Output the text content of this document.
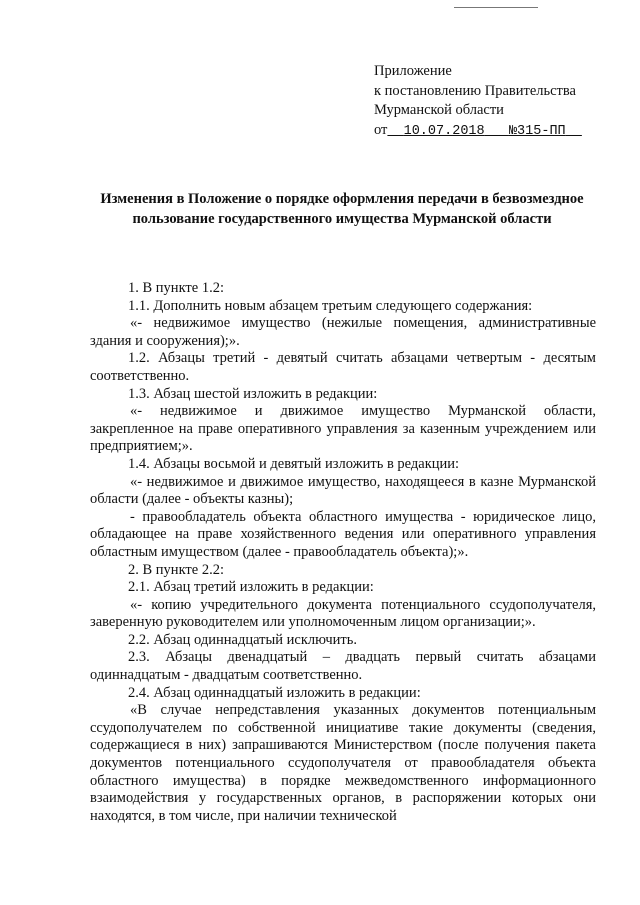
Приложение
к постановлению Правительства
Мурманской области
от 10.07.2018 №315-ПП
Изменения в Положение о порядке оформления передачи в безвозмездное пользование государственного имущества Мурманской области

1. В пункте 1.2:

1.1. Дополнить новым абзацем третьим следующего содержания:

«- недвижимое имущество (нежилые помещения, административные здания и сооружения);».

1.2. Абзацы третий - девятый считать абзацами четвертым - десятым соответственно.

1.3. Абзац шестой изложить в редакции:

«- недвижимое и движимое имущество Мурманской области, закрепленное на праве оперативного управления за казенным учреждением или предприятием;».

1.4. Абзацы восьмой и девятый изложить в редакции:

«- недвижимое и движимое имущество, находящееся в казне Мурманской области (далее - объекты казны);

- правообладатель объекта областного имущества - юридическое лицо, обладающее на праве хозяйственного ведения или оперативного управления областным имуществом (далее - правообладатель объекта);».

2. В пункте 2.2:

2.1. Абзац третий изложить в редакции:

«- копию учредительного документа потенциального ссудополучателя, заверенную руководителем или уполномоченным лицом организации;».

2.2. Абзац одиннадцатый исключить.

2.3. Абзацы двенадцатый – двадцать первый считать абзацами одиннадцатым - двадцатым соответственно.

2.4. Абзац одиннадцатый изложить в редакции:

«В случае непредставления указанных документов потенциальным ссудополучателем по собственной инициативе такие документы (сведения, содержащиеся в них) запрашиваются Министерством (после получения пакета документов потенциального ссудополучателя от правообладателя объекта областного имущества) в порядке межведомственного информационного взаимодействия у государственных органов, в распоряжении которых они находятся, в том числе, при наличии технической
